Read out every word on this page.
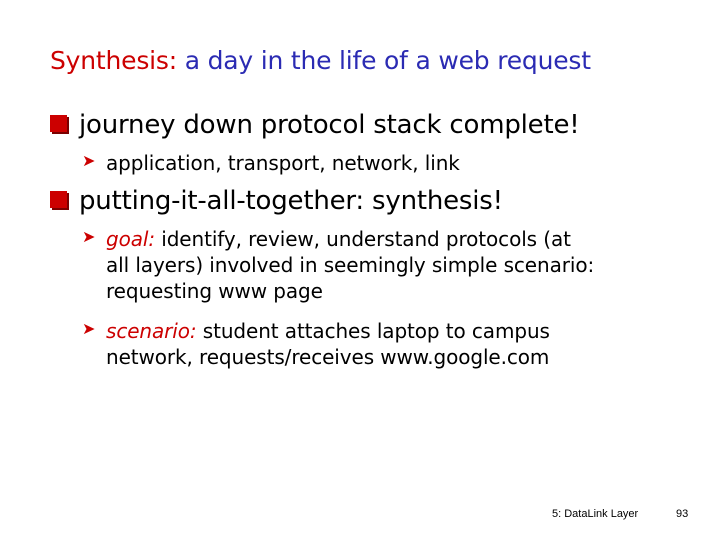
Synthesis: a day in the life of a web request
journey down protocol stack complete!
➤ application, transport, network, link
putting-it-all-together: synthesis!
➤ goal: identify, review, understand protocols (at
all layers) involved in seemingly simple scenario:
requesting www page
➤ scenario: student attaches laptop to campus
network, requests/receives www.google.com
5: DataLink Layer	93
